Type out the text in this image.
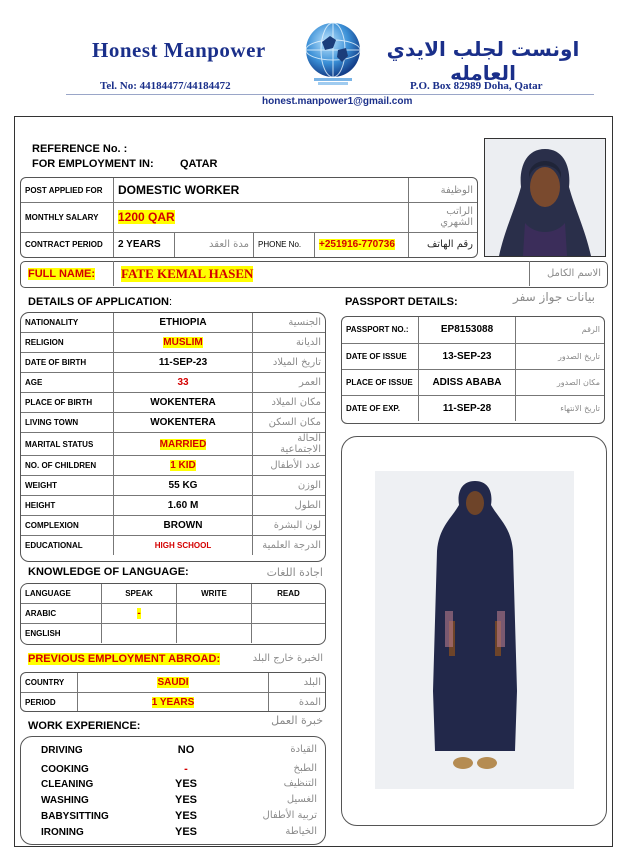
Honest Manpower	اونست لجلب الايدي العامله
Tel. No: 44184477/44184472	P.O. Box 82989 Doha, Qatar
honest.manpower1@gmail.com
REFERENCE No. :
FOR EMPLOYMENT IN: QATAR
POST APPLIED FOR	DOMESTIC WORKER				الوظيفة
MONTHLY SALARY	1200 QAR				الراتب الشهري
CONTRACT PERIOD	2 YEARS	مدة العقد	PHONE No.	+251916-770736	رقم الهاتف
FULL NAME: FATE KEMAL HASEN	الاسم الكامل
DETAILS OF APPLICATION:
NATIONALITY	ETHIOPIA	الجنسية
RELIGION	MUSLIM	الديانة
DATE OF BIRTH	11-SEP-23	تاريخ الميلاد
AGE	33	العمر
PLACE OF BIRTH	WOKENTERA	مكان الميلاد
LIVING TOWN	WOKENTERA	مكان السكن
MARITAL STATUS	MARRIED	الحالة الاجتماعية
NO. OF CHILDREN	1 KID	عدد الأطفال
WEIGHT	55 KG	الوزن
HEIGHT	1.60 M	الطول
COMPLEXION	BROWN	لون البشرة
EDUCATIONAL	HIGH SCHOOL	الدرجة العلمية
PASSPORT DETAILS:	بيانات جواز سفر
PASSPORT NO.:	EP8153088	الرقم
DATE OF ISSUE	13-SEP-23	تاريخ الصدور
PLACE OF ISSUE	ADISS ABABA	مكان الصدور
DATE OF EXP.	11-SEP-28	تاريخ الانتهاء
KNOWLEDGE OF LANGUAGE:	اجادة اللغات
LANGUAGE	SPEAK	WRITE	READ
ARABIC	-		
ENGLISH			
PREVIOUS EMPLOYMENT ABROAD:	الخبرة خارج البلد
COUNTRY	SAUDI	البلد
PERIOD	1 YEARS	المدة
WORK EXPERIENCE:	خبرة العمل
DRIVING	NO	القيادة
COOKING	-	الطبخ
CLEANING	YES	التنظيف
WASHING	YES	الغسيل
BABYSITTING	YES	تربية الأطفال
IRONING	YES	الخياطة
